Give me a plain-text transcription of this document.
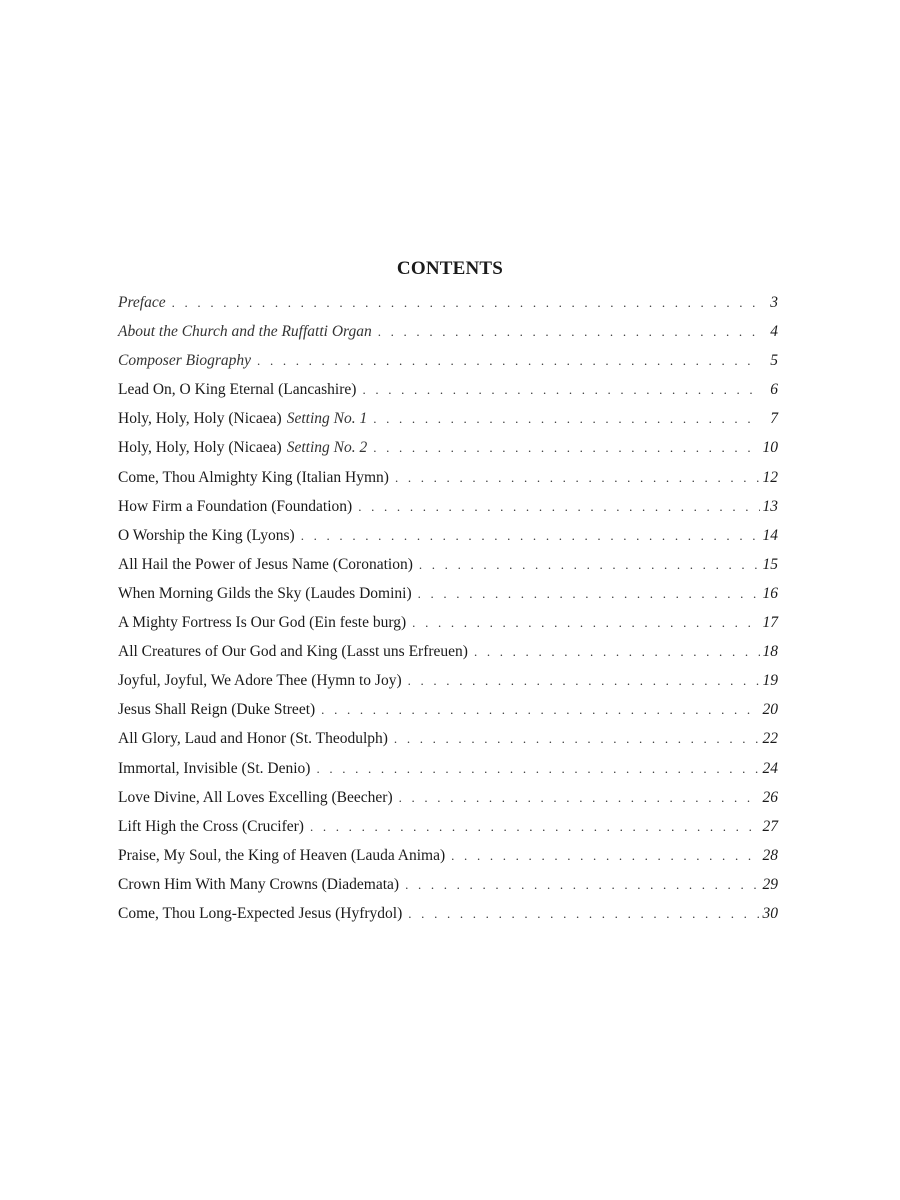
CONTENTS
Preface . . .	3
About the Church and the Ruffatti Organ . . .	4
Composer Biography . . .	5
Lead On, O King Eternal (Lancashire) . . .	6
Holy, Holy, Holy (Nicaea) Setting No. 1 . . .	7
Holy, Holy, Holy (Nicaea) Setting No. 2 . . .	10
Come, Thou Almighty King (Italian Hymn) . . .	12
How Firm a Foundation (Foundation) . . .	13
O Worship the King (Lyons) . . .	14
All Hail the Power of Jesus Name (Coronation) . . .	15
When Morning Gilds the Sky (Laudes Domini) . . .	16
A Mighty Fortress Is Our God (Ein feste burg) . . .	17
All Creatures of Our God and King (Lasst uns Erfreuen) . . .	18
Joyful, Joyful, We Adore Thee (Hymn to Joy) . . .	19
Jesus Shall Reign (Duke Street) . . .	20
All Glory, Laud and Honor (St. Theodulph) . . .	22
Immortal, Invisible (St. Denio) . . .	24
Love Divine, All Loves Excelling (Beecher) . . .	26
Lift High the Cross (Crucifer) . . .	27
Praise, My Soul, the King of Heaven (Lauda Anima) . . .	28
Crown Him With Many Crowns (Diademata) . . .	29
Come, Thou Long-Expected Jesus (Hyfrydol) . . .	30
